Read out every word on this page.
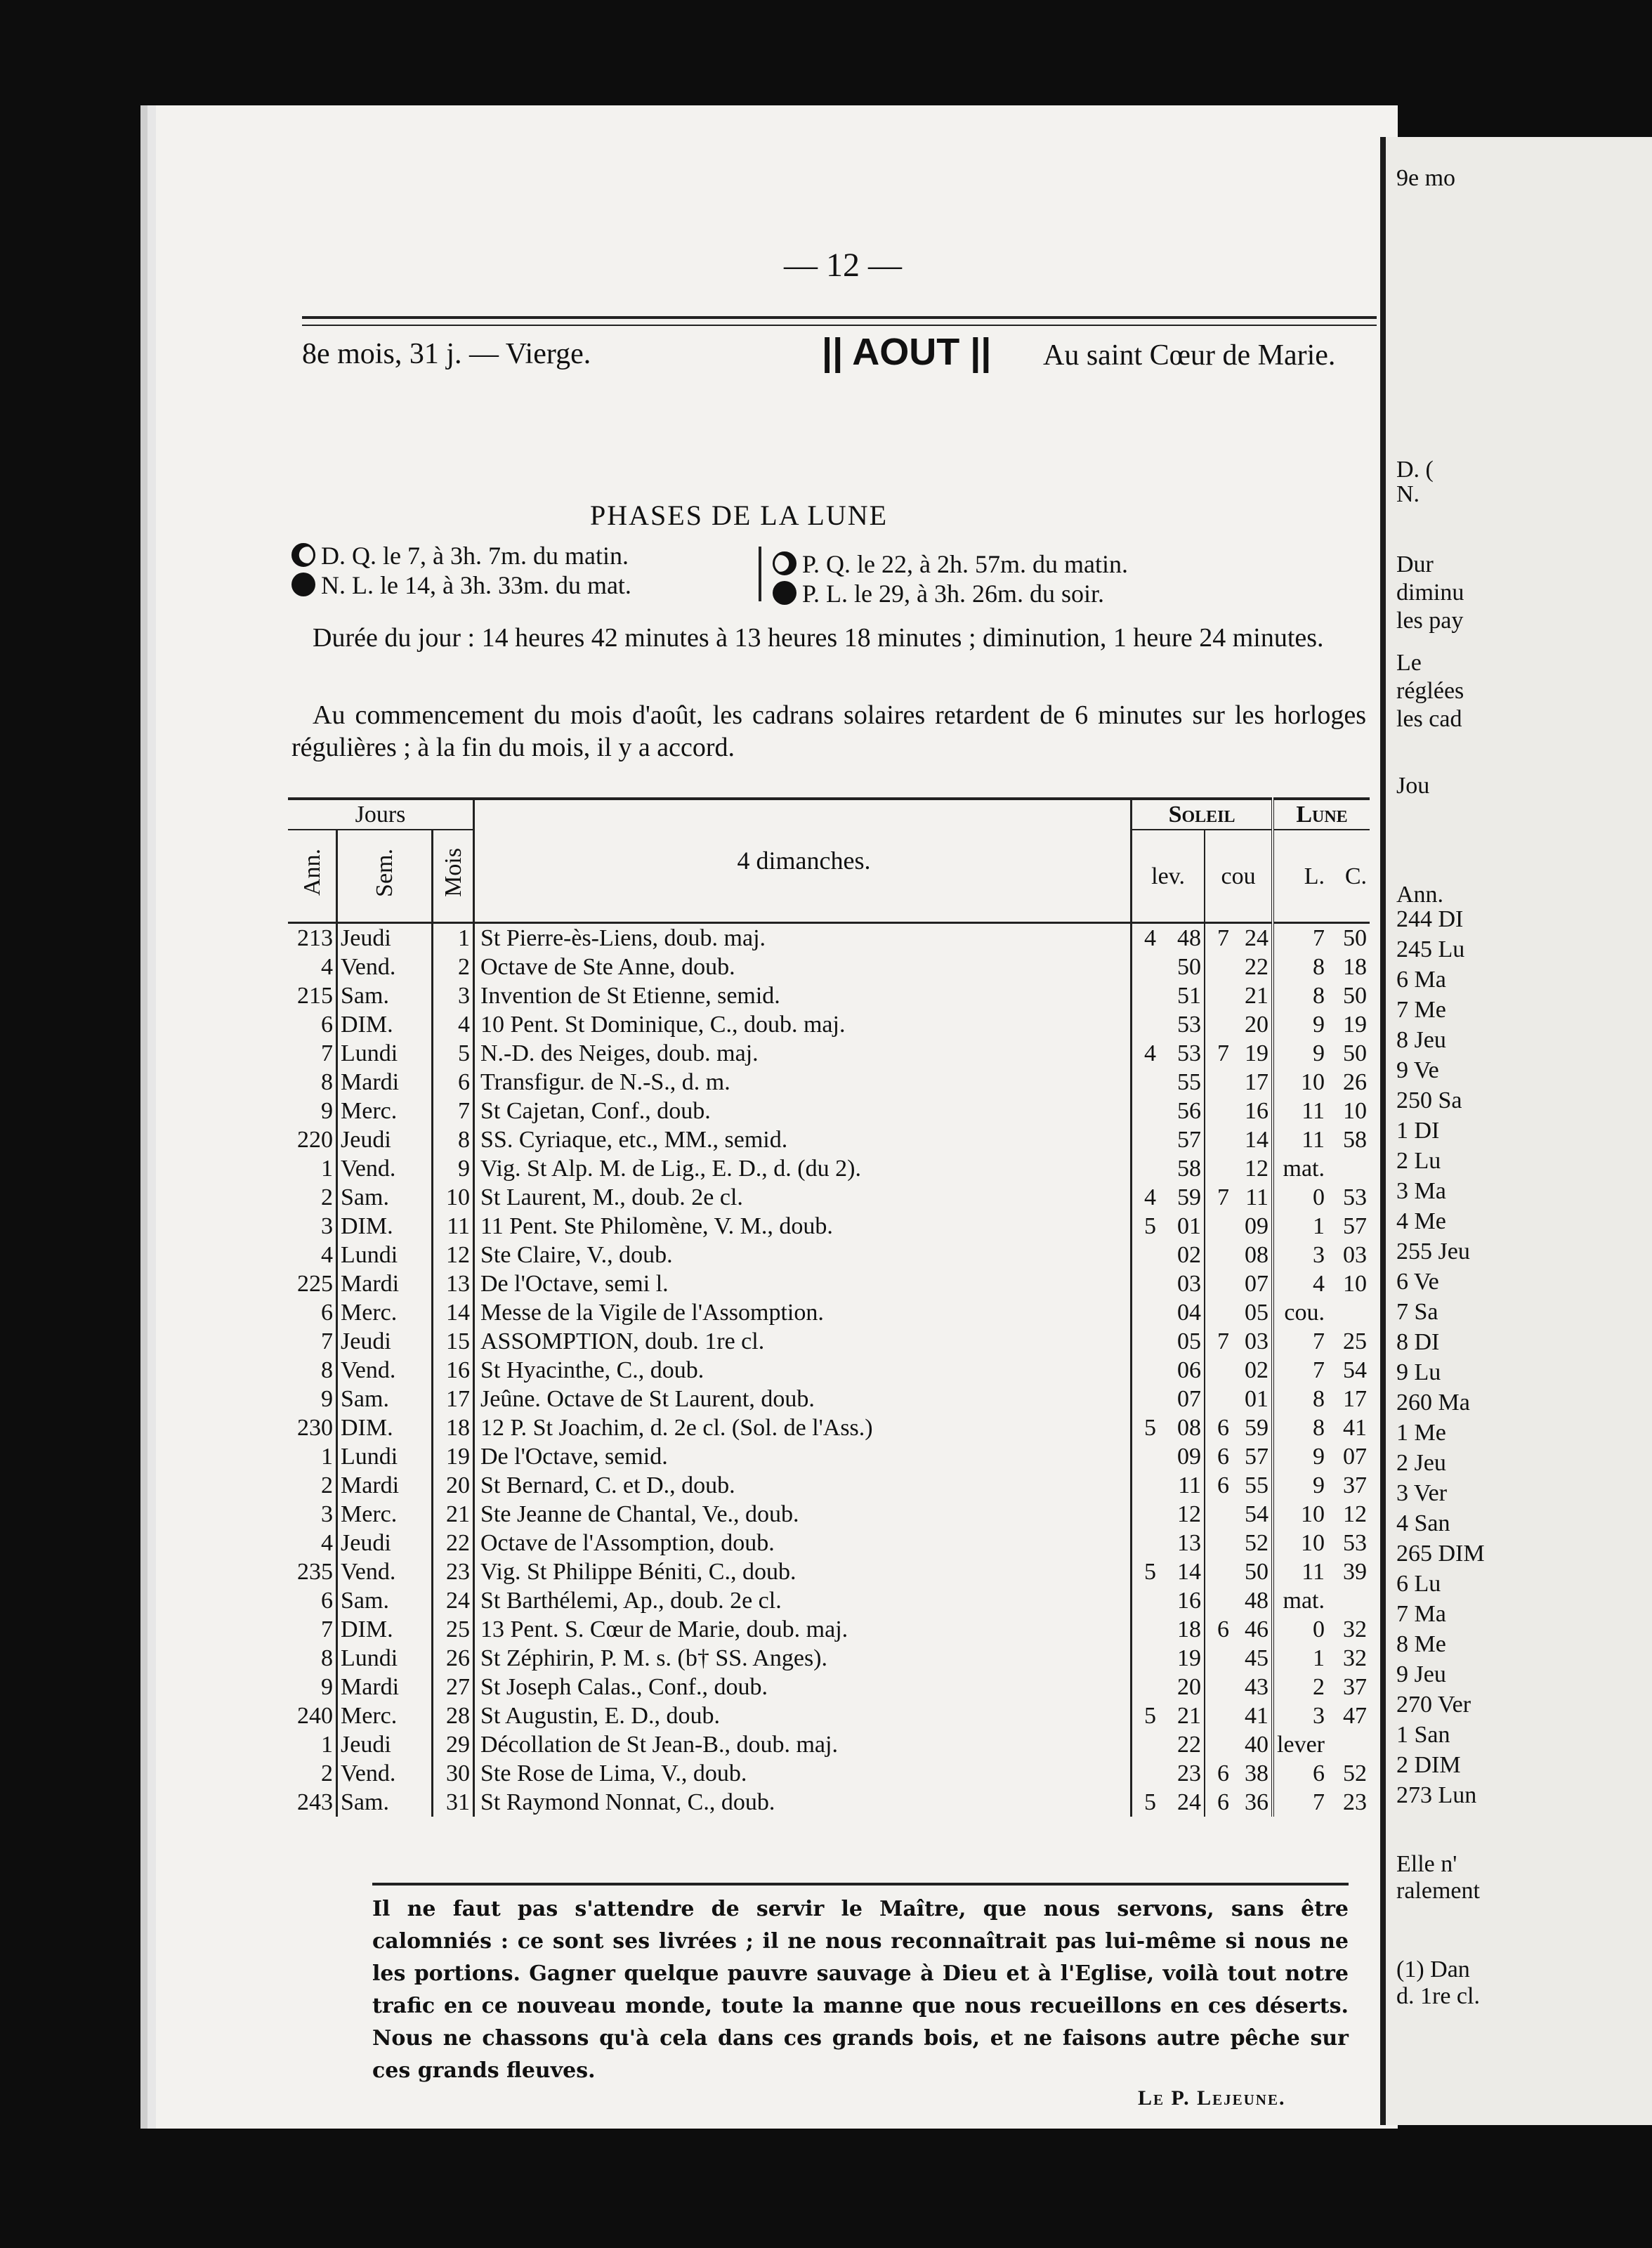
— 12 —
8e mois, 31 j. — Vierge.	|| AOUT || Au saint Cœur de Marie.
PHASES DE LA LUNE
D. Q. le 7, à 3h. 7m. du matin.
N. L. le 14, à 3h. 33m. du mat.
P. Q. le 22, à 2h. 57m. du matin.
P. L. le 29, à 3h. 26m. du soir.
Durée du jour : 14 heures 42 minutes à 13 heures 18 minutes ; diminution, 1 heure 24 minutes.
Au commencement du mois d'août, les cadrans solaires retardent de 6 minutes sur les horloges régulières ; à la fin du mois, il y a accord.
Jours			4 dimanches.	Soleil				Lune	
Ann.	Sem.	Mois		lev.		cou		L.	C.
213	Jeudi	1	St Pierre-ès-Liens, doub. maj.	4	48	7	24	7	50
4	Vend.	2	Octave de Ste Anne, doub.		50		22	8	18
215	Sam.	3	Invention de St Etienne, semid.		51		21	8	50
6	DIM.	4	10 Pent. St Dominique, C., doub. maj.		53		20	9	19
7	Lundi	5	N.-D. des Neiges, doub. maj.	4	53	7	19	9	50
8	Mardi	6	Transfigur. de N.-S., d. m.		55		17	10	26
9	Merc.	7	St Cajetan, Conf., doub.		56		16	11	10
220	Jeudi	8	SS. Cyriaque, etc., MM., semid.		57		14	11	58
1	Vend.	9	Vig. St Alp. M. de Lig., E. D., d. (du 2).		58		12	mat.	
2	Sam.	10	St Laurent, M., doub. 2e cl.	4	59	7	11	0	53
3	DIM.	11	11 Pent. Ste Philomène, V. M., doub.	5	01		09	1	57
4	Lundi	12	Ste Claire, V., doub.		02		08	3	03
225	Mardi	13	De l'Octave, semi l.		03		07	4	10
6	Merc.	14	Messe de la Vigile de l'Assomption.		04		05	cou.	
7	Jeudi	15	ASSOMPTION, doub. 1re cl.		05	7	03	7	25
8	Vend.	16	St Hyacinthe, C., doub.		06		02	7	54
9	Sam.	17	Jeûne. Octave de St Laurent, doub.		07		01	8	17
230	DIM.	18	12 P. St Joachim, d. 2e cl. (Sol. de l'Ass.)	5	08	6	59	8	41
1	Lundi	19	De l'Octave, semid.		09	6	57	9	07
2	Mardi	20	St Bernard, C. et D., doub.		11	6	55	9	37
3	Merc.	21	Ste Jeanne de Chantal, Ve., doub.		12		54	10	12
4	Jeudi	22	Octave de l'Assomption, doub.		13		52	10	53
235	Vend.	23	Vig. St Philippe Béniti, C., doub.	5	14		50	11	39
6	Sam.	24	St Barthélemi, Ap., doub. 2e cl.		16		48	mat.	
7	DIM.	25	13 Pent. S. Cœur de Marie, doub. maj.		18	6	46	0	32
8	Lundi	26	St Zéphirin, P. M. s. (b† SS. Anges).		19		45	1	32
9	Mardi	27	St Joseph Calas., Conf., doub.		20		43	2	37
240	Merc.	28	St Augustin, E. D., doub.	5	21		41	3	47
1	Jeudi	29	Décollation de St Jean-B., doub. maj.		22		40	lever	
2	Vend.	30	Ste Rose de Lima, V., doub.		23	6	38	6	52
243	Sam.	31	St Raymond Nonnat, C., doub.	5	24	6	36	7	23
Il ne faut pas s'attendre de servir le Maître, que nous servons, sans être calomniés : ce sont ses livrées ; il ne nous reconnaîtrait pas lui-même si nous ne les portions. Gagner quelque pauvre sauvage à Dieu et à l'Eglise, voilà tout notre trafic en ce nouveau monde, toute la manne que nous recueillons en ces déserts. Nous ne chassons qu'à cela dans ces grands bois, et ne faisons autre pêche sur ces grands fleuves.
Le P. Lejeune.
9e mo
D. (
N.
Dur
diminu
les pay
Le
réglées
les cad
Jou
Ann.
244 DI
245 Lu
6 Ma
7 Me
8 Jeu
9 Ve
250 Sa
1 DI
2 Lu
3 Ma
4 Me
255 Jeu
6 Ve
7 Sa
8 DI
9 Lu
260 Ma
1 Me
2 Jeu
3 Ver
4 San
265 DIM
6 Lu
7 Ma
8 Me
9 Jeu
270 Ver
1 San
2 DIM
273 Lun
Elle n'
ralement
(1) Dan
d. 1re cl.
